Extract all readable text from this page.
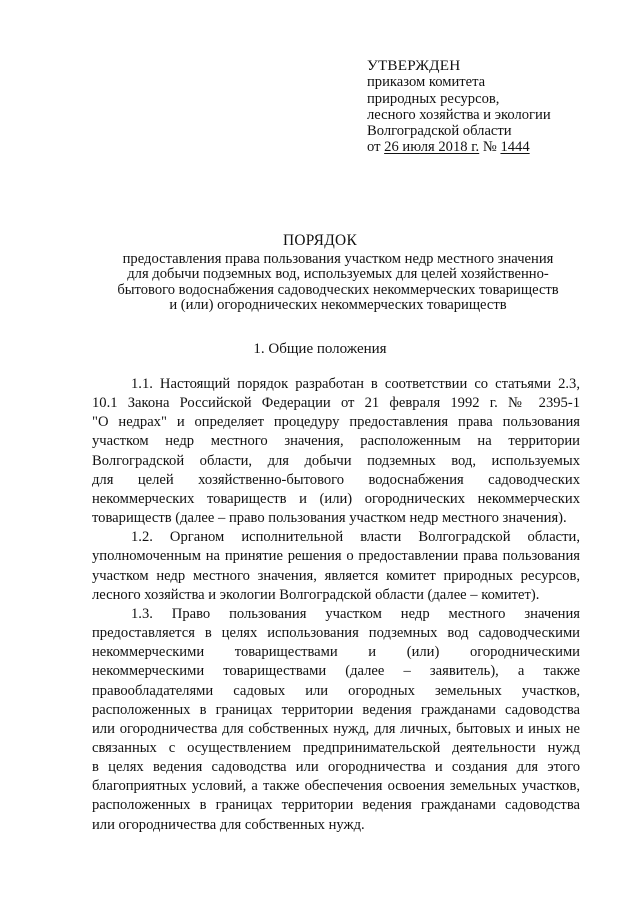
УТВЕРЖДЕН
приказом комитета
природных ресурсов,
лесного хозяйства и экологии
Волгоградской области
от 26 июля 2018 г. № 1444
ПОРЯДОК
предоставления права пользования участком недр местного значения
для добычи подземных вод, используемых для целей хозяйственно-
бытового водоснабжения садоводческих некоммерческих товариществ
и (или) огороднических некоммерческих товариществ
1. Общие положения
1.1. Настоящий порядок разработан в соответствии со статьями 2.3,
10.1 Закона Российской Федерации от 21 февраля 1992 г. № 2395-1
"О недрах" и определяет процедуру предоставления права пользования
участком недр местного значения, расположенным на территории
Волгоградской области, для добычи подземных вод, используемых
для целей хозяйственно-бытового водоснабжения садоводческих
некоммерческих товариществ и (или) огороднических некоммерческих
товариществ (далее – право пользования участком недр местного значения).
1.2. Органом исполнительной власти Волгоградской области,
уполномоченным на принятие решения о предоставлении права пользования
участком недр местного значения, является комитет природных ресурсов,
лесного хозяйства и экологии Волгоградской области (далее – комитет).
1.3. Право пользования участком недр местного значения
предоставляется в целях использования подземных вод садоводческими
некоммерческими товариществами и (или) огородническими
некоммерческими товариществами (далее – заявитель), а также
правообладателями садовых или огородных земельных участков,
расположенных в границах территории ведения гражданами садоводства
или огородничества для собственных нужд, для личных, бытовых и иных не
связанных с осуществлением предпринимательской деятельности нужд
в целях ведения садоводства или огородничества и создания для этого
благоприятных условий, а также обеспечения освоения земельных участков,
расположенных в границах территории ведения гражданами садоводства
или огородничества для собственных нужд.
